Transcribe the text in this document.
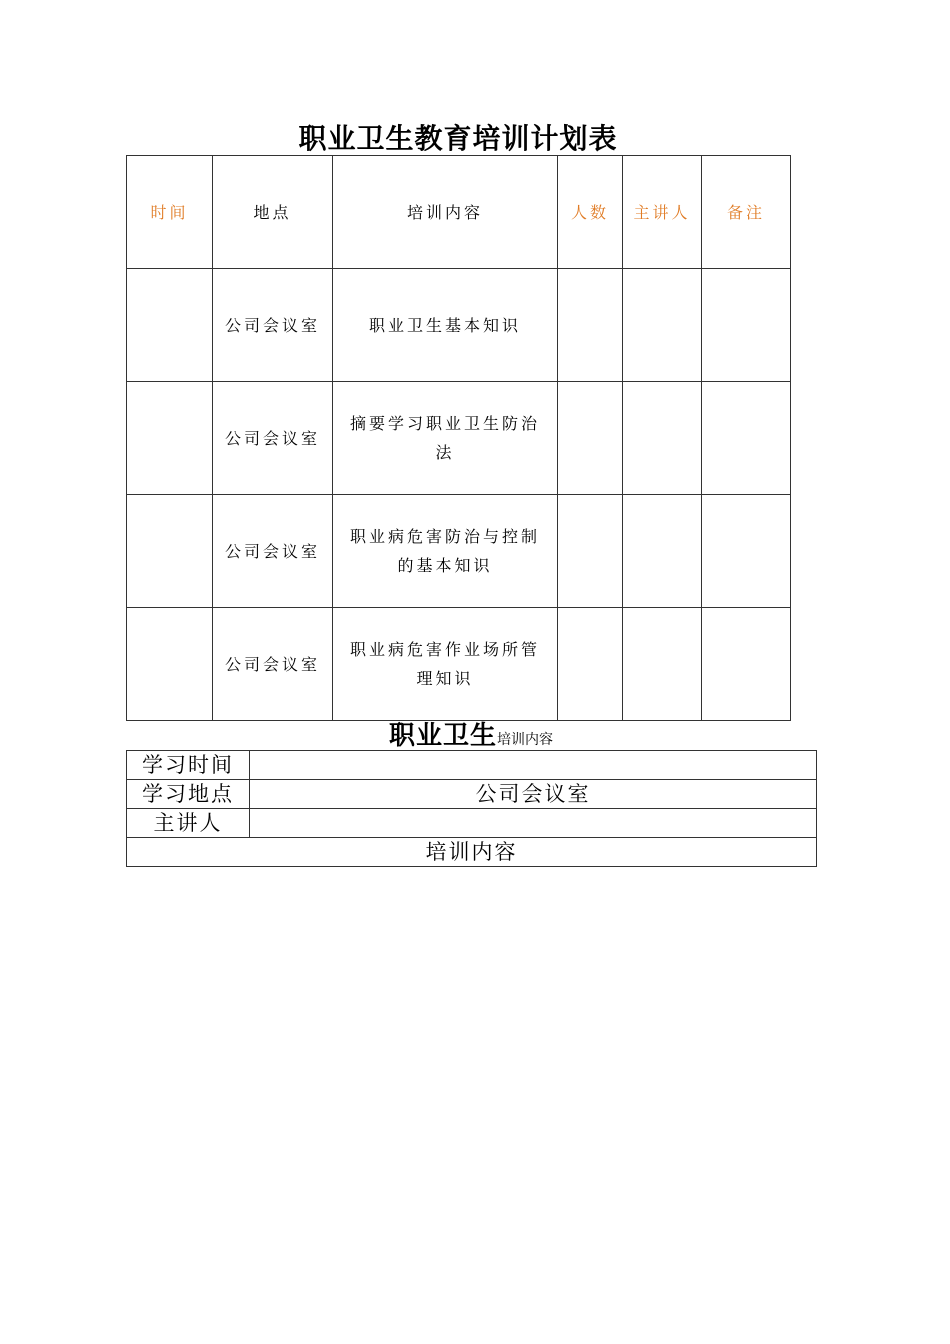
职业卫生教育培训计划表
时间	地点	培训内容	人数	主讲人	备注
	公司会议室	职业卫生基本知识			
	公司会议室	摘要学习职业卫生防治法			
	公司会议室	职业病危害防治与控制的基本知识			
	公司会议室	职业病危害作业场所管理知识			
职业卫生培训内容
学习时间	
学习地点	公司会议室
主讲人	
培训内容	
